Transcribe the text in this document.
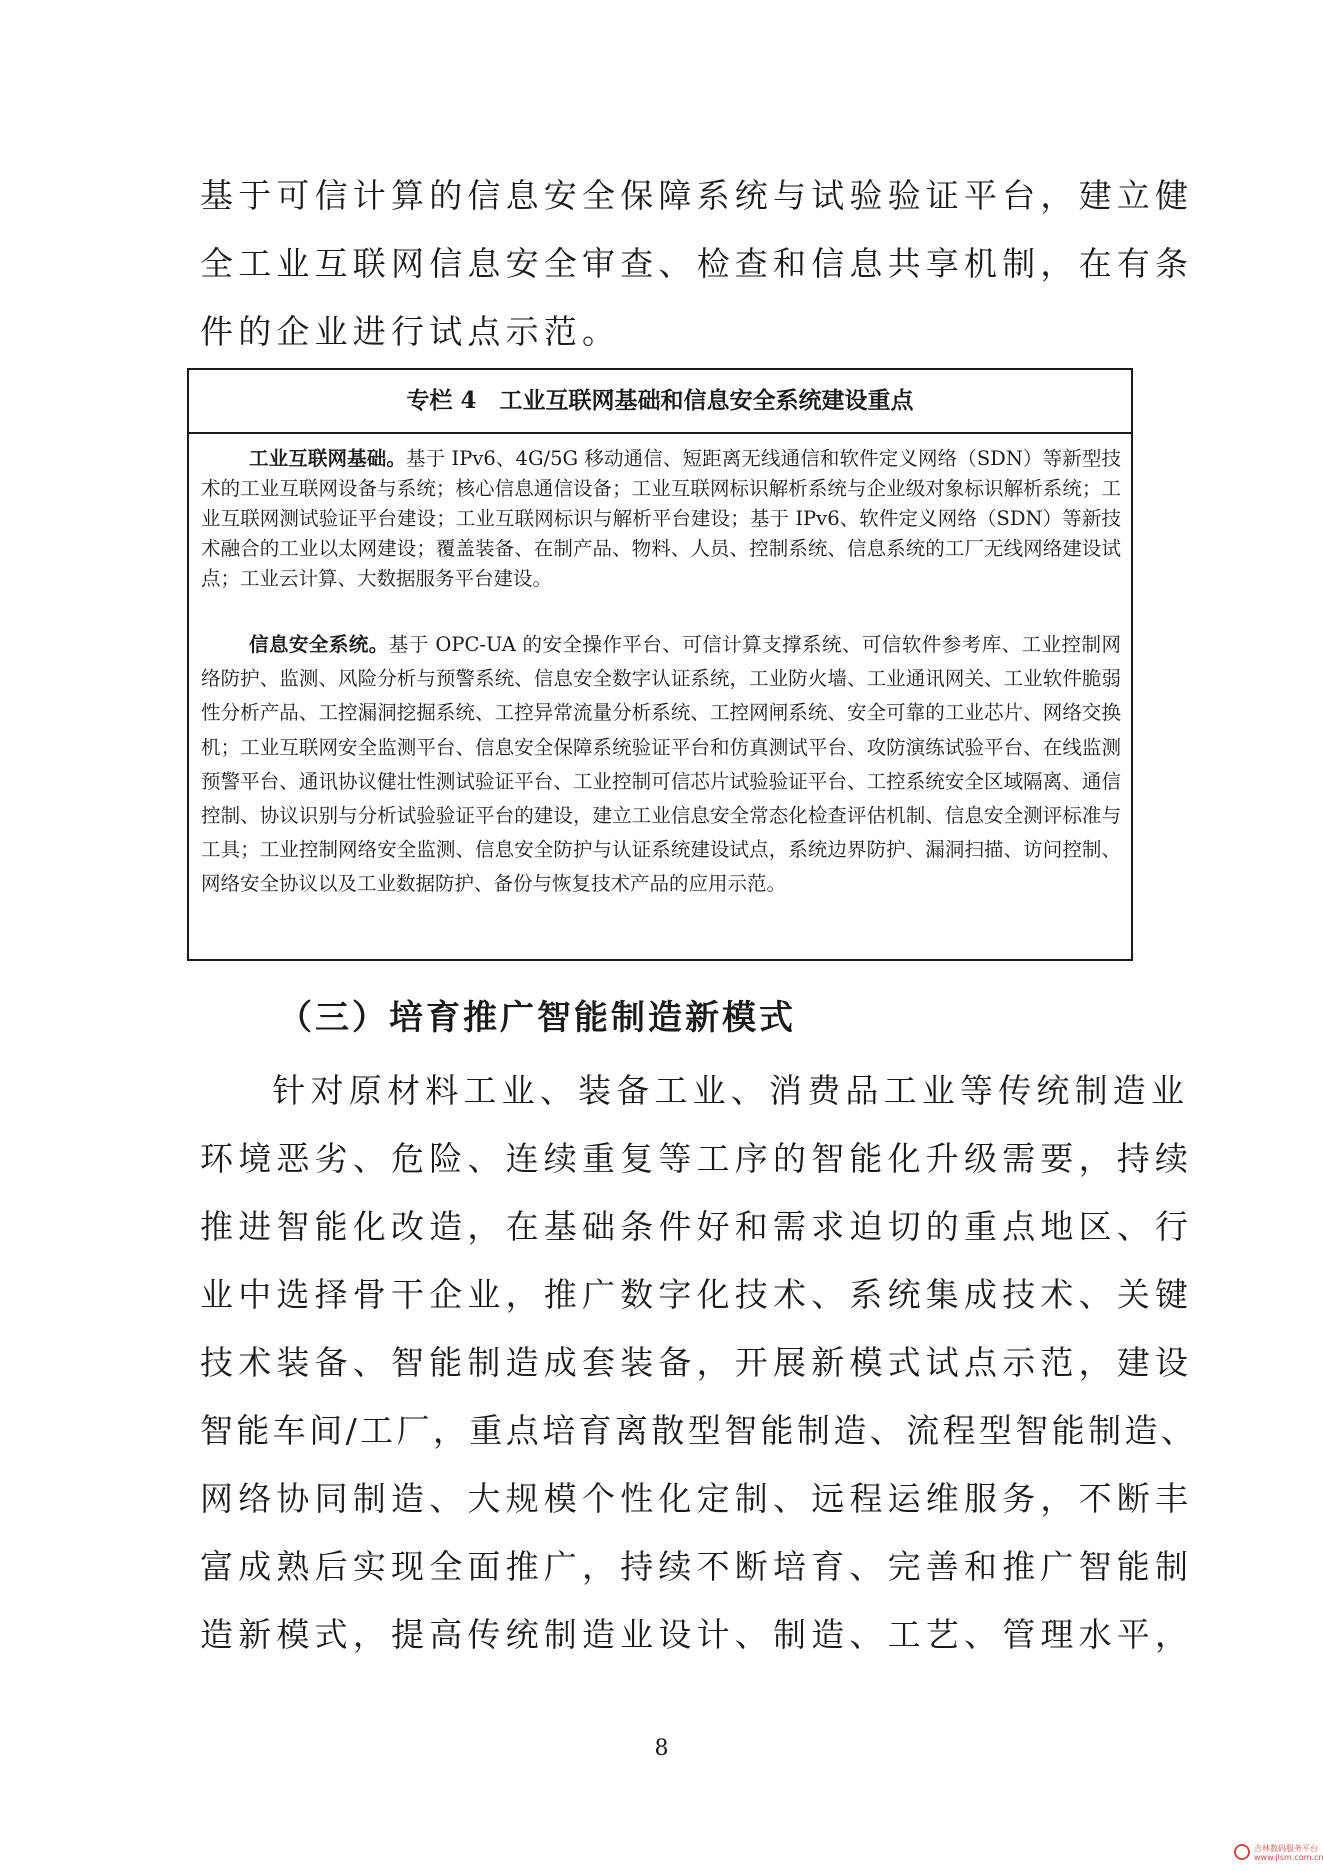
基于可信计算的信息安全保障系统与试验验证平台，建立健
全工业互联网信息安全审查、检查和信息共享机制，在有条
件的企业进行试点示范。
专栏 4　工业互联网基础和信息安全系统建设重点

工业互联网基础。基于 IPv6、4G/5G 移动通信、短距离无线通信和软件定义网络（SDN）等新型技术的工业互联网设备与系统；核心信息通信设备；工业互联网标识解析系统与企业级对象标识解析系统；工业互联网测试验证平台建设；工业互联网标识与解析平台建设；基于 IPv6、软件定义网络（SDN）等新技术融合的工业以太网建设；覆盖装备、在制产品、物料、人员、控制系统、信息系统的工厂无线网络建设试点；工业云计算、大数据服务平台建设。

信息安全系统。基于 OPC-UA 的安全操作平台、可信计算支撑系统、可信软件参考库、工业控制网络防护、监测、风险分析与预警系统、信息安全数字认证系统，工业防火墙、工业通讯网关、工业软件脆弱性分析产品、工控漏洞挖掘系统、工控异常流量分析系统、工控网闸系统、安全可靠的工业芯片、网络交换机；工业互联网安全监测平台、信息安全保障系统验证平台和仿真测试平台、攻防演练试验平台、在线监测预警平台、通讯协议健壮性测试验证平台、工业控制可信芯片试验验证平台、工控系统安全区域隔离、通信控制、协议识别与分析试验验证平台的建设，建立工业信息安全常态化检查评估机制、信息安全测评标准与工具；工业控制网络安全监测、信息安全防护与认证系统建设试点，系统边界防护、漏洞扫描、访问控制、网络安全协议以及工业数据防护、备份与恢复技术产品的应用示范。

（三）培育推广智能制造新模式
　　针对原材料工业、装备工业、消费品工业等传统制造业
环境恶劣、危险、连续重复等工序的智能化升级需要，持续
推进智能化改造，在基础条件好和需求迫切的重点地区、行
业中选择骨干企业，推广数字化技术、系统集成技术、关键
技术装备、智能制造成套装备，开展新模式试点示范，建设
智能车间/工厂，重点培育离散型智能制造、流程型智能制造、
网络协同制造、大规模个性化定制、远程运维服务，不断丰
富成熟后实现全面推广，持续不断培育、完善和推广智能制
造新模式，提高传统制造业设计、制造、工艺、管理水平，
8
吉林数码服务平台
www.jlsm.com.cn
